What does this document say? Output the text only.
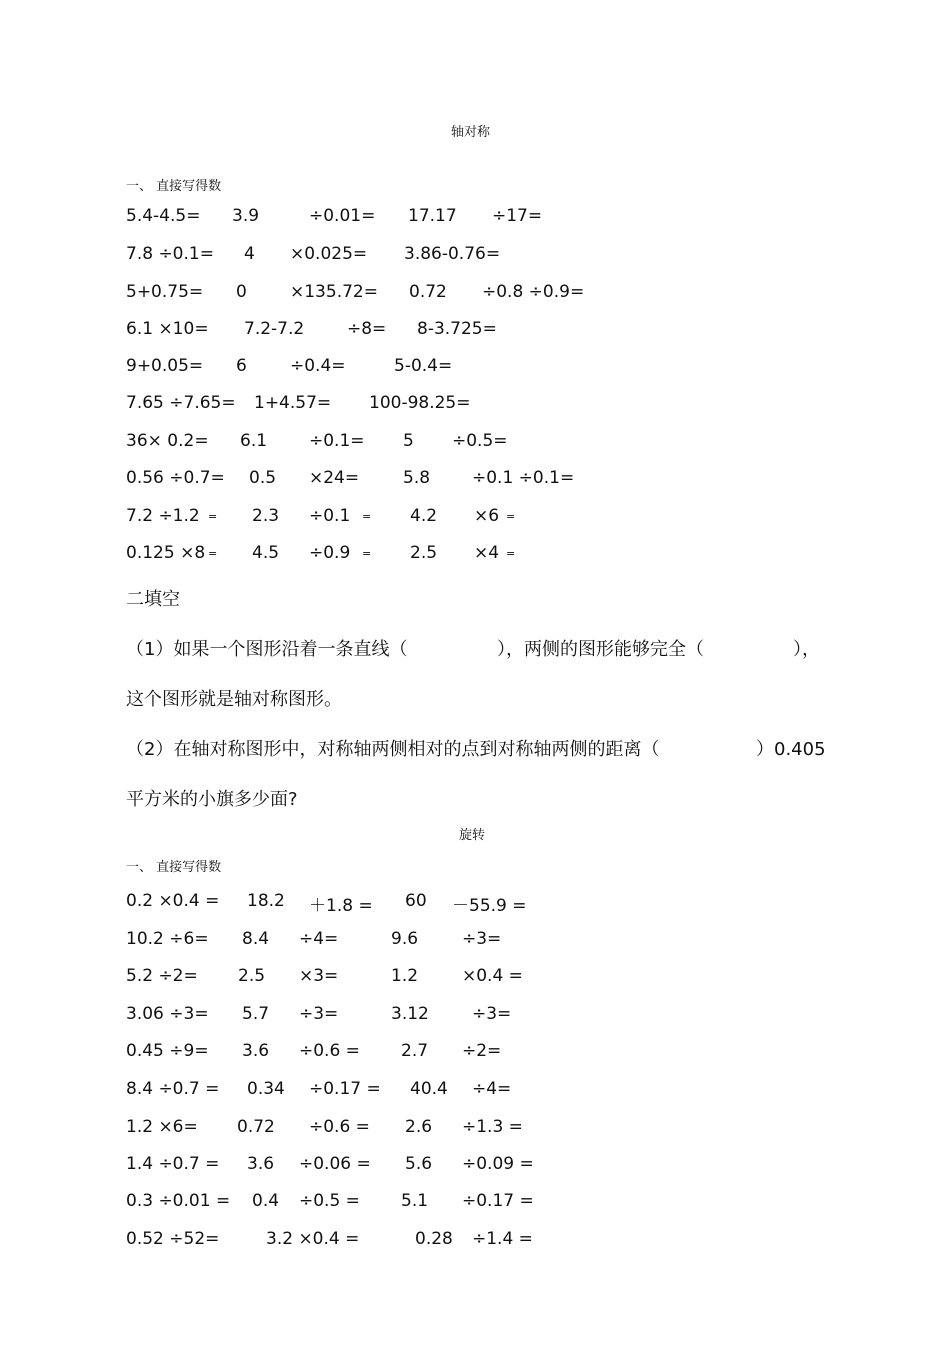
轴对称
一、 直接写得数
5.4-4.5= 3.9	÷0.01= 17.17 ÷17=
7.8 ÷0.1= 4 ×0.025= 3.86-0.76=
5+0.75= 0	×135.72= 0.72 ÷0.8 ÷0.9=
6.1 ×10= 7.2-7.2	÷8= 8-3.725=
9+0.05= 6	÷0.4=	5-0.4=
7.65 ÷7.65= 1+4.57= 100-98.25=
36× 0.2= 6.1 ÷0.1= 5 ÷0.5=
0.56 ÷0.7= 0.5 ×24=	5.8 ÷0.1 ÷0.1=
7.2 ÷1.2 = 2.3 ÷0.1 = 4.2 ×6 =
0.125 ×8 = 4.5 ÷0.9 = 2.5 ×4 =
二填空
（1）如果一个图形沿着一条直线（	），两侧的图形能够完全（	），
这个图形就是轴对称图形。
（2）在轴对称图形中，对称轴两侧相对的点到对称轴两侧的距离（	）0.405
平方米的小旗多少面?
旋转
一、 直接写得数
0.2 ×0.4 = 18.2 ＋1.8 = 60 －55.9 =
10.2 ÷6= 8.4 ÷4=	9.6	÷3=
5.2 ÷2= 2.5 ×3=	1.2	×0.4 =
3.06 ÷3= 5.7 ÷3=	3.12	÷3=
0.45 ÷9= 3.6 ÷0.6 = 2.7 ÷2=
8.4 ÷0.7 = 0.34 ÷0.17 = 40.4 ÷4=
1.2 ×6= 0.72 ÷0.6 = 2.6 ÷1.3 =
1.4 ÷0.7 = 3.6 ÷0.06 = 5.6 ÷0.09 =
0.3 ÷0.01 = 0.4 ÷0.5 = 5.1 ÷0.17 =
0.52 ÷52=	3.2 ×0.4 =	0.28 ÷1.4 =
